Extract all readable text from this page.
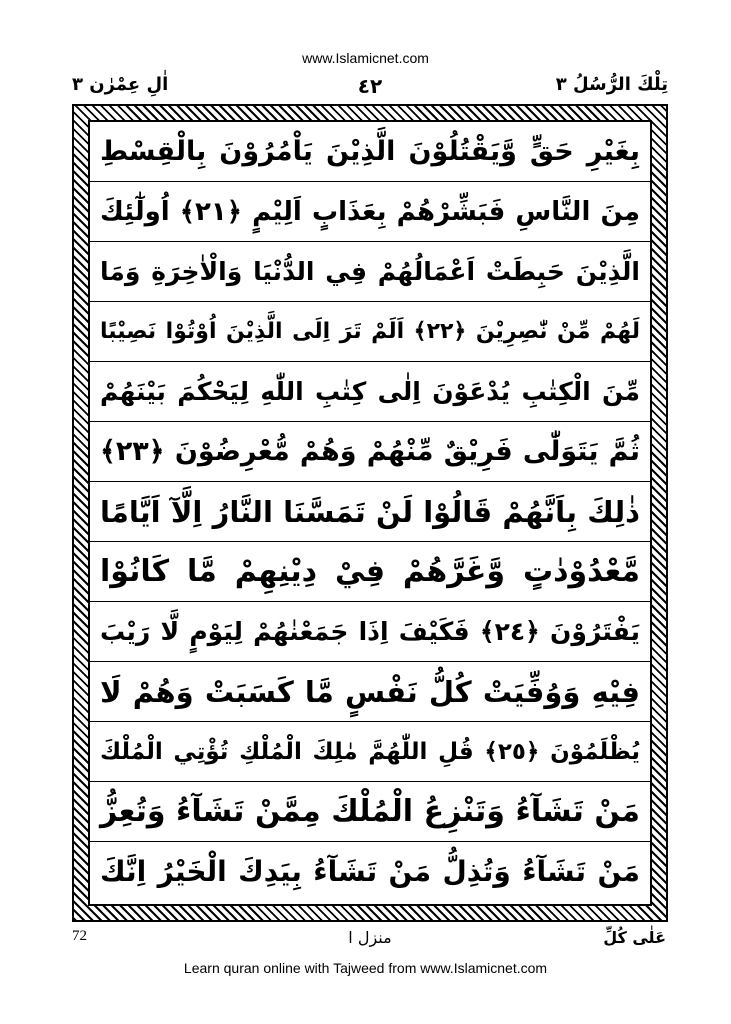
www.Islamicnet.com
تِلْكَ الرُّسُلُ ٣
٤٢
اٰلِ عِمْرٰن ٣
بِغَيْرِ حَقٍّ وَّيَقْتُلُوْنَ الَّذِيْنَ يَاْمُرُوْنَ بِالْقِسْطِ
مِنَ النَّاسِ فَبَشِّرْهُمْ بِعَذَابٍ اَلِيْمٍ ﴿٢١﴾ اُولٰٓئِكَ
الَّذِيْنَ حَبِطَتْ اَعْمَالُهُمْ فِي الدُّنْيَا وَالْاٰخِرَةِ وَمَا
لَهُمْ مِّنْ نّٰصِرِيْنَ ﴿٢٢﴾ اَلَمْ تَرَ اِلَى الَّذِيْنَ اُوْتُوْا نَصِيْبًا
مِّنَ الْكِتٰبِ يُدْعَوْنَ اِلٰى كِتٰبِ اللّٰهِ لِيَحْكُمَ بَيْنَهُمْ
ثُمَّ يَتَوَلّٰى فَرِيْقٌ مِّنْهُمْ وَهُمْ مُّعْرِضُوْنَ ﴿٢٣﴾
ذٰلِكَ بِاَنَّهُمْ قَالُوْا لَنْ تَمَسَّنَا النَّارُ اِلَّآ اَيَّامًا
مَّعْدُوْدٰتٍ وَّغَرَّهُمْ فِيْ دِيْنِهِمْ مَّا كَانُوْا
يَفْتَرُوْنَ ﴿٢٤﴾ فَكَيْفَ اِذَا جَمَعْنٰهُمْ لِيَوْمٍ لَّا رَيْبَ
فِيْهِ وَوُفِّيَتْ كُلُّ نَفْسٍ مَّا كَسَبَتْ وَهُمْ لَا
يُظْلَمُوْنَ ﴿٢٥﴾ قُلِ اللّٰهُمَّ مٰلِكَ الْمُلْكِ تُؤْتِي الْمُلْكَ
مَنْ تَشَآءُ وَتَنْزِعُ الْمُلْكَ مِمَّنْ تَشَآءُ وَتُعِزُّ
مَنْ تَشَآءُ وَتُذِلُّ مَنْ تَشَآءُ بِيَدِكَ الْخَيْرُ اِنَّكَ
عَلٰى كُلِّ
منزل ا
72
Learn quran online with Tajweed from www.Islamicnet.com
